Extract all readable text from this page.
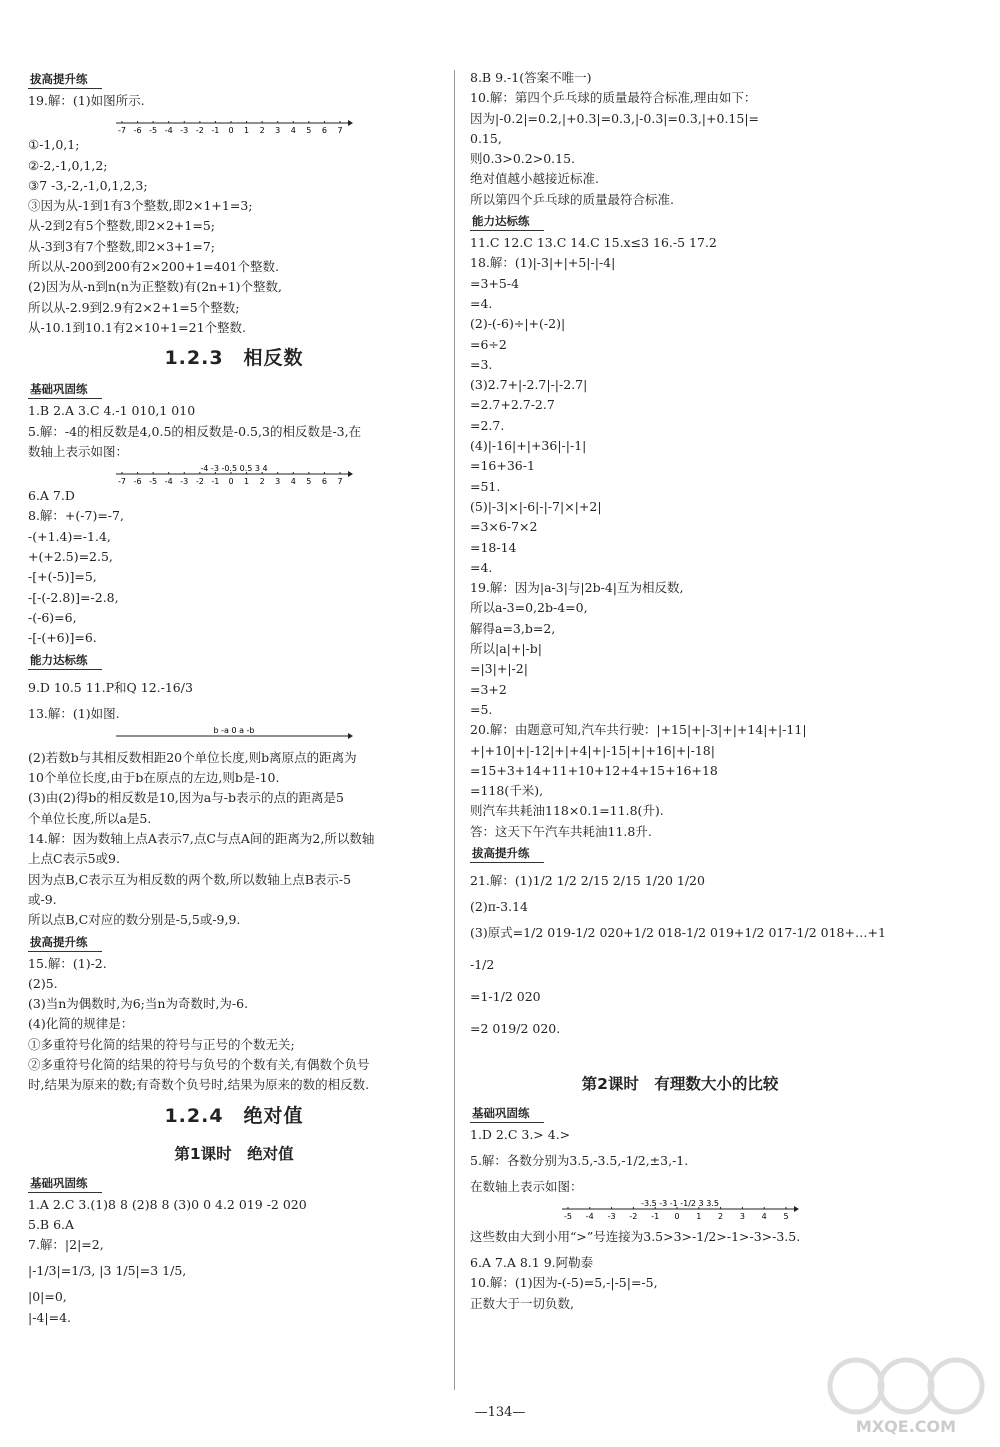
拔高提升练
19.解：(1)如图所示.
-7 -6 -5 -4 -3 -2 -1 0 1 2 3 4 5 6 7
①-1,0,1;
②-2,-1,0,1,2;
③7 -3,-2,-1,0,1,2,3;
③因为从-1到1有3个整数,即2×1+1=3;
从-2到2有5个整数,即2×2+1=5;
从-3到3有7个整数,即2×3+1=7;
所以从-200到200有2×200+1=401个整数.
(2)因为从-n到n(n为正整数)有(2n+1)个整数,
所以从-2.9到2.9有2×2+1=5个整数;
从-10.1到10.1有2×10+1=21个整数.
1.2.3　相反数
基础巩固练
1.B 2.A 3.C 4.-1 010,1 010
5.解：-4的相反数是4,0.5的相反数是-0.5,3的相反数是-3,在
数轴上表示如图：
-4 -3 -0.5 0.5 3 4
-7 -6 -5 -4 -3 -2 -1 0 1 2 3 4 5 6 7
6.A 7.D
8.解：+(-7)=-7,
-(+1.4)=-1.4,
+(+2.5)=2.5,
-[+(-5)]=5,
-[-(-2.8)]=-2.8,
-(-6)=6,
-[-(+6)]=6.
能力达标练
9.D 10.5 11.P和Q 12.-16/3
13.解：(1)如图.
b -a 0 a -b
(2)若数b与其相反数相距20个单位长度,则b离原点的距离为
10个单位长度,由于b在原点的左边,则b是-10.
(3)由(2)得b的相反数是10,因为a与-b表示的点的距离是5
个单位长度,所以a是5.
14.解：因为数轴上点A表示7,点C与点A间的距离为2,所以数轴
上点C表示5或9.
因为点B,C表示互为相反数的两个数,所以数轴上点B表示-5
或-9.
所以点B,C对应的数分别是-5,5或-9,9.
拔高提升练
15.解：(1)-2.
(2)5.
(3)当n为偶数时,为6;当n为奇数时,为-6.
(4)化简的规律是：
①多重符号化简的结果的符号与正号的个数无关;
②多重符号化简的结果的符号与负号的个数有关,有偶数个负号
时,结果为原来的数;有奇数个负号时,结果为原来的数的相反数.
1.2.4　绝对值
第1课时　绝对值
基础巩固练
1.A 2.C 3.(1)8 8 (2)8 8 (3)0 0 4.2 019 -2 020
5.B 6.A
7.解：|2|=2,
|-1/3|=1/3, |3 1/5|=3 1/5,
|0|=0,
|-4|=4.
8.B 9.-1(答案不唯一)
10.解：第四个乒乓球的质量最符合标准,理由如下：
因为|-0.2|=0.2,|+0.3|=0.3,|-0.3|=0.3,|+0.15|=
0.15,
则0.3>0.2>0.15.
绝对值越小越接近标准.
所以第四个乒乓球的质量最符合标准.
能力达标练
11.C 12.C 13.C 14.C 15.x≤3 16.-5 17.2
18.解：(1)|-3|+|+5|-|-4|
=3+5-4
=4.
(2)-(-6)÷|+(-2)|
=6÷2
=3.
(3)2.7+|-2.7|-|-2.7|
=2.7+2.7-2.7
=2.7.
(4)|-16|+|+36|-|-1|
=16+36-1
=51.
(5)|-3|×|-6|-|-7|×|+2|
=3×6-7×2
=18-14
=4.
19.解：因为|a-3|与|2b-4|互为相反数,
所以a-3=0,2b-4=0,
解得a=3,b=2,
所以|a|+|-b|
=|3|+|-2|
=3+2
=5.
20.解：由题意可知,汽车共行驶：|+15|+|-3|+|+14|+|-11|
+|+10|+|-12|+|+4|+|-15|+|+16|+|-18|
=15+3+14+11+10+12+4+15+16+18
=118(千米),
则汽车共耗油118×0.1=11.8(升).
答：这天下午汽车共耗油11.8升.
拔高提升练
21.解：(1)1/2 1/2 2/15 2/15 1/20 1/20
(2)π-3.14
(3)原式=1/2 019-1/2 020+1/2 018-1/2 019+1/2 017-1/2 018+…+1
-1/2
=1-1/2 020
=2 019/2 020.
第2课时　有理数大小的比较
基础巩固练
1.D 2.C 3.> 4.>
5.解：各数分别为3.5,-3.5,-1/2,±3,-1.
在数轴上表示如图：
-3.5 -3 -1 -1/2 3 3.5
-5 -4 -3 -2 -1 0 1 2 3 4 5
这些数由大到小用“>”号连接为3.5>3>-1/2>-1>-3>-3.5.
6.A 7.A 8.1 9.阿勒泰
10.解：(1)因为-(-5)=5,-|-5|=-5,
正数大于一切负数,
—134—
MXQE.COM
